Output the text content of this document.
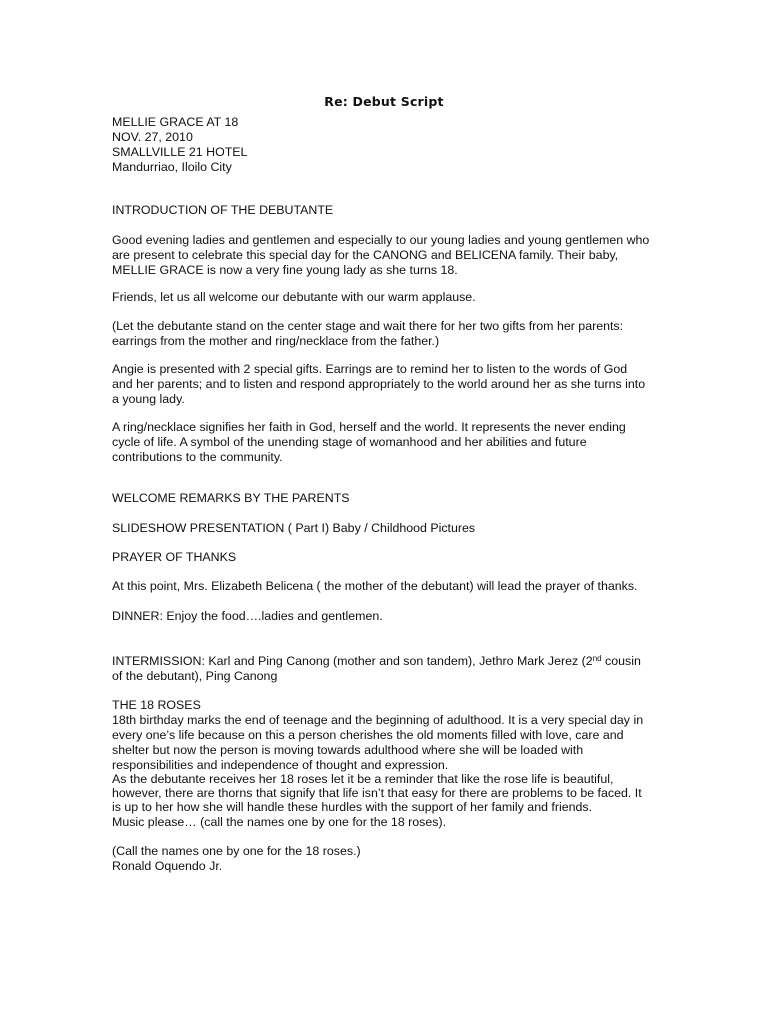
Re: Debut Script
MELLIE GRACE AT 18
NOV. 27, 2010
SMALLVILLE 21 HOTEL
Mandurriao, Iloilo City
INTRODUCTION OF THE DEBUTANTE
Good evening ladies and gentlemen and especially to our young ladies and young gentlemen who
are present to celebrate this special day for the CANONG and BELICENA family. Their baby,
MELLIE GRACE is now a very fine young lady as she turns 18.
Friends, let us all welcome our debutante with our warm applause.
(Let the debutante stand on the center stage and wait there for her two gifts from her parents:
earrings from the mother and ring/necklace from the father.)
Angie is presented with 2 special gifts. Earrings are to remind her to listen to the words of God
and her parents; and to listen and respond appropriately to the world around her as she turns into
a young lady.
A ring/necklace signifies her faith in God, herself and the world. It represents the never ending
cycle of life. A symbol of the unending stage of womanhood and her abilities and future
contributions to the community.
WELCOME REMARKS BY THE PARENTS
SLIDESHOW PRESENTATION ( Part I) Baby / Childhood Pictures
PRAYER OF THANKS
At this point, Mrs. Elizabeth Belicena ( the mother of the debutant) will lead the prayer of thanks.
DINNER: Enjoy the food….ladies and gentlemen.
INTERMISSION: Karl and Ping Canong (mother and son tandem), Jethro Mark Jerez (2nd cousin
of the debutant), Ping Canong
THE 18 ROSES
18th birthday marks the end of teenage and the beginning of adulthood. It is a very special day in
every one’s life because on this a person cherishes the old moments filled with love, care and
shelter but now the person is moving towards adulthood where she will be loaded with
responsibilities and independence of thought and expression.
As the debutante receives her 18 roses let it be a reminder that like the rose life is beautiful,
however, there are thorns that signify that life isn’t that easy for there are problems to be faced. It
is up to her how she will handle these hurdles with the support of her family and friends.
Music please… (call the names one by one for the 18 roses).
(Call the names one by one for the 18 roses.)
Ronald Oquendo Jr.
